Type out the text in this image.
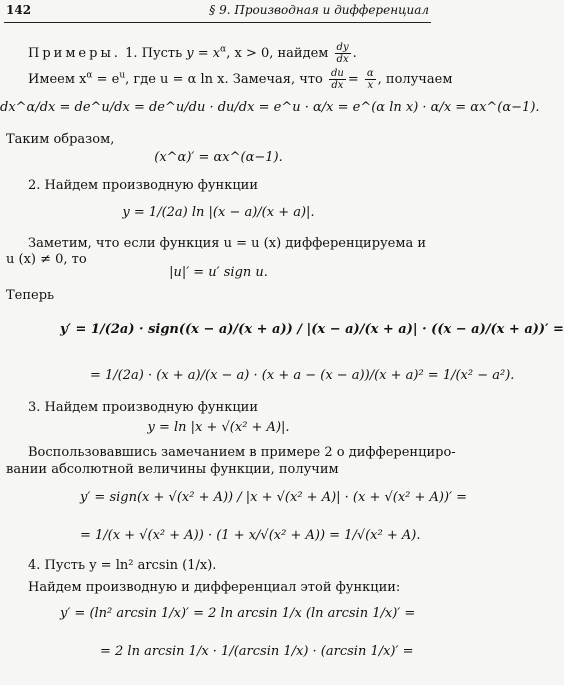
142	§ 9. Производная и дифференциал
Примеры. 1. Пусть $y = x^\alpha$, x > 0, найдем $\frac{dy}{dx}$ .
Имеем $x^\alpha = e^u$, где u = α ln x. Замечая, что $\frac{du}{dx} = \frac{\alpha}{x}$ , получаем
dx^α/dx = de^u/dx = de^u/du · du/dx = e^u · α/x = e^(α ln x) · α/x = αx^(α−1).
Таким образом,
(x^α)′ = αx^(α−1).
2. Найдем производную функции
y = 1/(2a) ln |(x − a)/(x + a)|.
Заметим, что если функция u = u (x) дифференцируема и
u (x) ≠ 0, то
|u|′ = u′ sign u.
Теперь
y′ = 1/(2a) · sign((x − a)/(x + a)) / |(x − a)/(x + a)| · ((x − a)/(x + a))′ =
= 1/(2a) · (x + a)/(x − a) · (x + a − (x − a))/(x + a)² = 1/(x² − a²).
3. Найдем производную функции
y = ln |x + √(x² + A)|.
Воспользовавшись замечанием в примере 2 о дифференциро-
вании абсолютной величины функции, получим
y′ = sign(x + √(x² + A)) / |x + √(x² + A)| · (x + √(x² + A))′ =
= 1/(x + √(x² + A)) · (1 + x/√(x² + A)) = 1/√(x² + A).
4. Пусть y = ln² arcsin (1/x).
Найдем производную и дифференциал этой функции:
y′ = (ln² arcsin 1/x)′ = 2 ln arcsin 1/x (ln arcsin 1/x)′ =
= 2 ln arcsin 1/x · 1/(arcsin 1/x) · (arcsin 1/x)′ =
